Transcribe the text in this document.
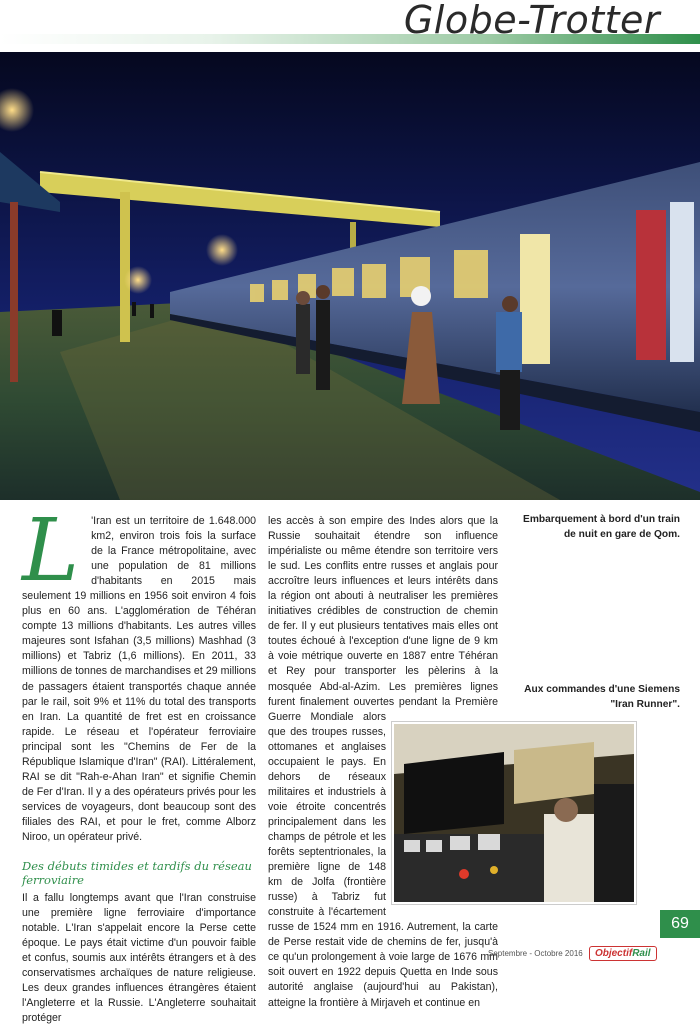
Globe-Trotter
L	'Iran est un territoire de 1.648.000 km2, environ trois fois la surface de la France métropolitaine, avec une population de 81 millions d'habitants en 2015 mais seulement 19 millions en 1956 soit environ 4 fois plus en 60 ans. L'agglomération de Téhéran compte 13 millions d'habitants. Les autres villes majeures sont Isfahan (3,5 millions) Mashhad (3 millions) et Tabriz (1,6 millions). En 2011, 33 millions de tonnes de marchandises et 29 millions de passagers étaient transportés chaque année par le rail, soit 9% et 11% du total des transports en Iran. La quantité de fret est en croissance rapide. Le réseau et l'opérateur ferroviaire principal sont les "Chemins de Fer de la République Islamique d'Iran" (RAI). Littéralement, RAI se dit "Rah-e-Ahan Iran" et signifie Chemin de Fer d'Iran. Il y a des opérateurs privés pour les services de voyageurs, dont beaucoup sont des filiales des RAI, et pour le fret, comme Alborz Niroo, un opérateur privé.

Des débuts timides et tardifs du réseau ferroviaire

Il a fallu longtemps avant que l'Iran construise une première ligne ferroviaire d'importance notable. L'Iran s'appelait encore la Perse cette époque. Le pays était victime d'un pouvoir faible et confus, soumis aux intérêts étrangers et à des conservatismes archaïques de nature religieuse. Les deux grandes influences étrangères étaient l'Angleterre et la Russie. L'Angleterre souhaitait protéger

les accès à son empire des Indes alors que la Russie souhaitait étendre son influence impérialiste ou même étendre son territoire vers le sud. Les conflits entre russes et anglais pour accroître leurs influences et leurs intérêts dans la région ont abouti à neutraliser les premières initiatives crédibles de construction de chemin de fer. Il y eut plusieurs tentatives mais elles ont toutes échoué à l'exception d'une ligne de 9 km à voie métrique ouverte en 1887 entre Téhéran et Rey pour transporter les pèlerins à la mosquée Abd-al-Azim. Les premières lignes furent finalement ouvertes pendant la Première Guerre Mondiale alors que des troupes russes, ottomanes et anglaises occupaient le pays. En dehors de réseaux militaires et industriels à voie étroite concentrés principalement dans les champs de pétrole et les forêts septentrionales, la première ligne de 148 km de Jolfa (frontière russe) à Tabriz fut construite à l'écartement russe de 1524 mm en 1916. Autrement, la carte de Perse restait vide de chemins de fer, jusqu'à ce qu'un prolongement à voie large de 1676 mm soit ouvert en 1922 depuis Quetta en Inde sous autorité anglaise (aujourd'hui au Pakistan), atteigne la frontière à Mirjaveh et continue en

Embarquement à bord d'un train de nuit en gare de Qom.
Aux commandes d'une Siemens "Iran Runner".
69
Septembre - Octobre 2016 ObjectifRail
